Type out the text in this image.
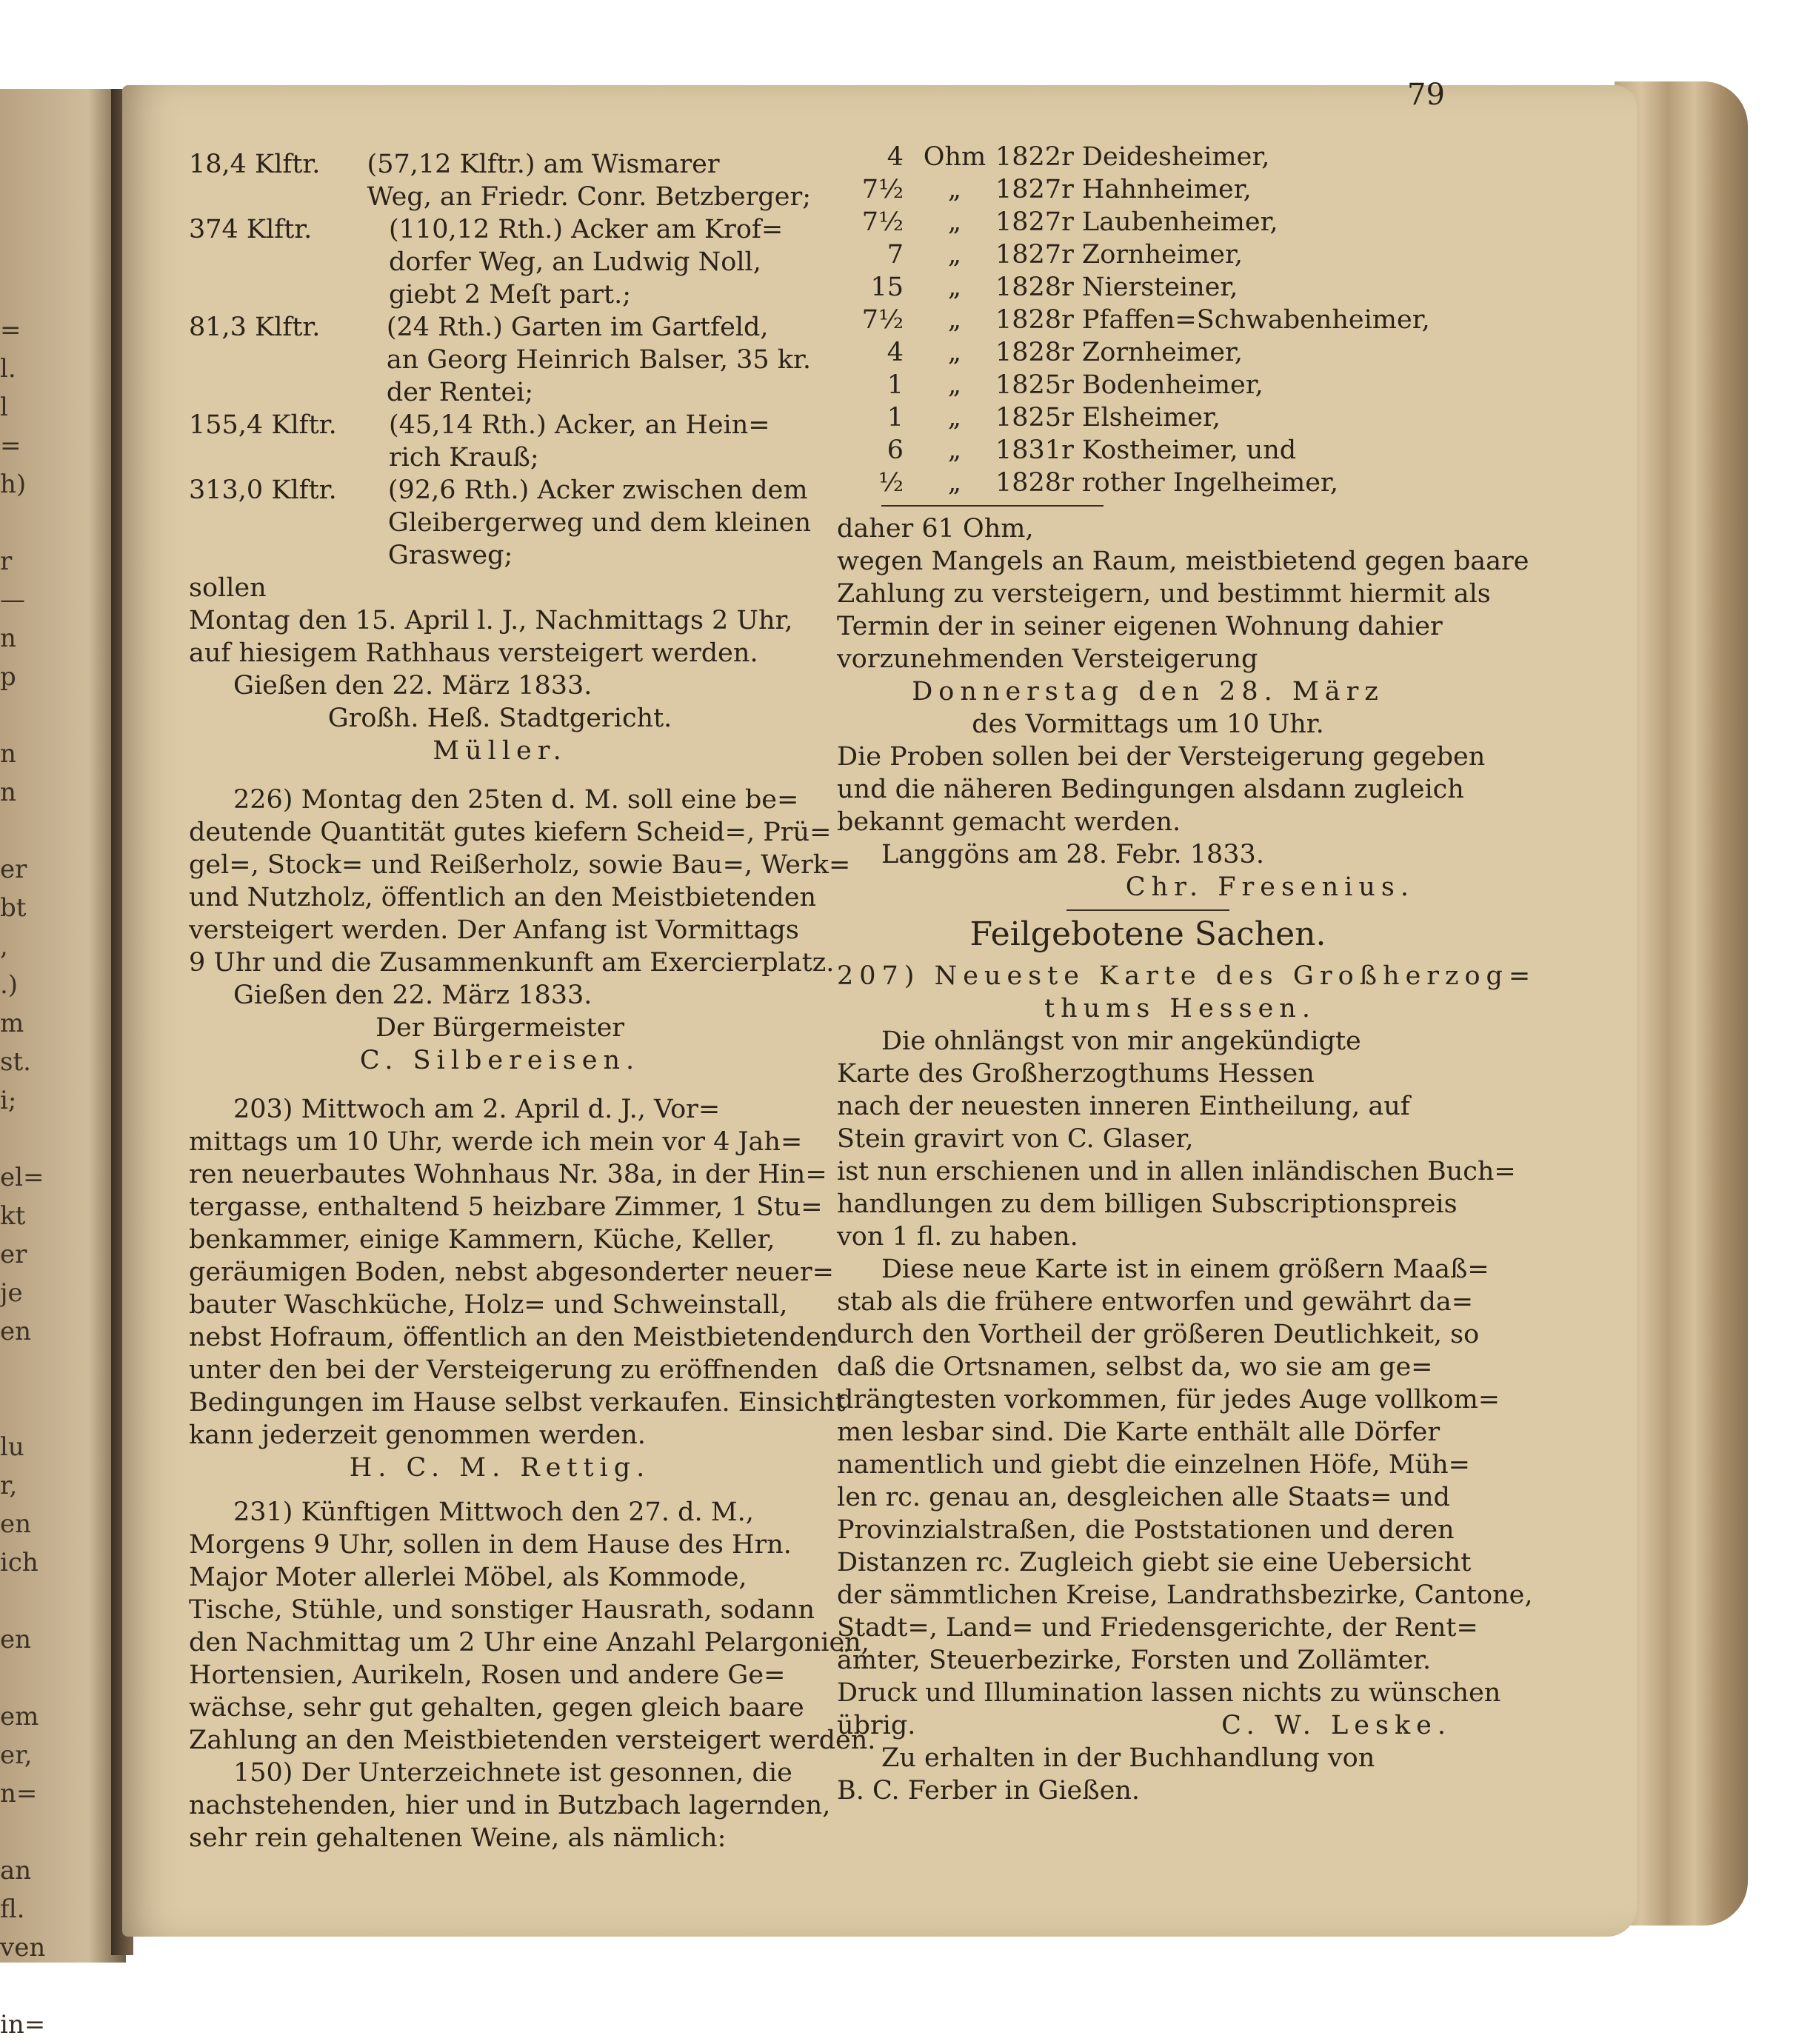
=
l.
l
=
h)
r
—
n
p
n
n
er
bt
,
.)
m
st.
i;
el=
kt
er
je
en
lu
r,
en
ich
en
em
er,
n=
an
fl.
ven
in=
79
18,4 Klftr.	(57,12 Klftr.) am Wismarer
Weg, an Friedr. Conr. Betzberger;
374 Klftr.	(110,12 Rth.) Acker am Krof=
dorfer Weg, an Ludwig Noll,
giebt 2 Meſt part.;
81,3 Klftr.	(24 Rth.) Garten im Gartfeld,
an Georg Heinrich Balser, 35 kr.
der Rentei;
155,4 Klftr.	(45,14 Rth.) Acker, an Hein=
rich Krauß;
313,0 Klftr.	(92,6 Rth.) Acker zwischen dem
Gleibergerweg und dem kleinen
Grasweg;
sollen
Montag den 15. April l. J., Nachmittags 2 Uhr,
auf hiesigem Rathhaus versteigert werden.
Gießen den 22. März 1833.
Großh. Heß. Stadtgericht.
Müller.
226) Montag den 25ten d. M. soll eine be=
deutende Quantität gutes kiefern Scheid=, Prü=
gel=, Stock= und Reißerholz, sowie Bau=, Werk=
und Nutzholz, öffentlich an den Meistbietenden
versteigert werden. Der Anfang ist Vormittags
9 Uhr und die Zusammenkunft am Exercierplatz.
Gießen den 22. März 1833.
Der Bürgermeister
C. Silbereisen.
203) Mittwoch am 2. April d. J., Vor=
mittags um 10 Uhr, werde ich mein vor 4 Jah=
ren neuerbautes Wohnhaus Nr. 38a, in der Hin=
tergasse, enthaltend 5 heizbare Zimmer, 1 Stu=
benkammer, einige Kammern, Küche, Keller,
geräumigen Boden, nebst abgesonderter neuer=
bauter Waschküche, Holz= und Schweinstall,
nebst Hofraum, öffentlich an den Meistbietenden
unter den bei der Versteigerung zu eröffnenden
Bedingungen im Hause selbst verkaufen. Einsicht
kann jederzeit genommen werden.
H. C. M. Rettig.
231) Künftigen Mittwoch den 27. d. M.,
Morgens 9 Uhr, sollen in dem Hause des Hrn.
Major Moter allerlei Möbel, als Kommode,
Tische, Stühle, und sonstiger Hausrath, sodann
den Nachmittag um 2 Uhr eine Anzahl Pelargonien,
Hortensien, Aurikeln, Rosen und andere Ge=
wächse, sehr gut gehalten, gegen gleich baare
Zahlung an den Meistbietenden versteigert werden.
150) Der Unterzeichnete ist gesonnen, die
nachstehenden, hier und in Butzbach lagernden,
sehr rein gehaltenen Weine, als nämlich:
4 Ohm 1822r Deidesheimer,
7½	„	1827r Hahnheimer,
7½	„	1827r Laubenheimer,
7	„	1827r Zornheimer,
15	„	1828r Niersteiner,
7½	„	1828r Pfaffen=Schwabenheimer,
4	„	1828r Zornheimer,
1	„	1825r Bodenheimer,
1	„	1825r Elsheimer,
6	„	1831r Kostheimer, und
½	„	1828r rother Ingelheimer,
daher 61 Ohm,
wegen Mangels an Raum, meistbietend gegen baare
Zahlung zu versteigern, und bestimmt hiermit als
Termin der in seiner eigenen Wohnung dahier
vorzunehmenden Versteigerung
Donnerstag den 28. März
des Vormittags um 10 Uhr.
Die Proben sollen bei der Versteigerung gegeben
und die näheren Bedingungen alsdann zugleich
bekannt gemacht werden.
Langgöns am 28. Febr. 1833.
Chr. Fresenius.
Feilgebotene Sachen.
207) Neueste Karte des Großherzog=
thums Hessen.
Die ohnlängst von mir angekündigte
Karte des Großherzogthums Hessen
nach der neuesten inneren Eintheilung, auf
Stein gravirt von C. Glaser,
ist nun erschienen und in allen inländischen Buch=
handlungen zu dem billigen Subscriptionspreis
von 1 fl. zu haben.
Diese neue Karte ist in einem größern Maaß=
stab als die frühere entworfen und gewährt da=
durch den Vortheil der größeren Deutlichkeit, so
daß die Ortsnamen, selbst da, wo sie am ge=
drängtesten vorkommen, für jedes Auge vollkom=
men lesbar sind. Die Karte enthält alle Dörfer
namentlich und giebt die einzelnen Höfe, Müh=
len rc. genau an, desgleichen alle Staats= und
Provinzialstraßen, die Poststationen und deren
Distanzen rc. Zugleich giebt sie eine Uebersicht
der sämmtlichen Kreise, Landrathsbezirke, Cantone,
Stadt=, Land= und Friedensgerichte, der Rent=
ämter, Steuerbezirke, Forsten und Zollämter.
Druck und Illumination lassen nichts zu wünschen
übrig.	C. W. Leske.
Zu erhalten in der Buchhandlung von
B. C. Ferber in Gießen.
